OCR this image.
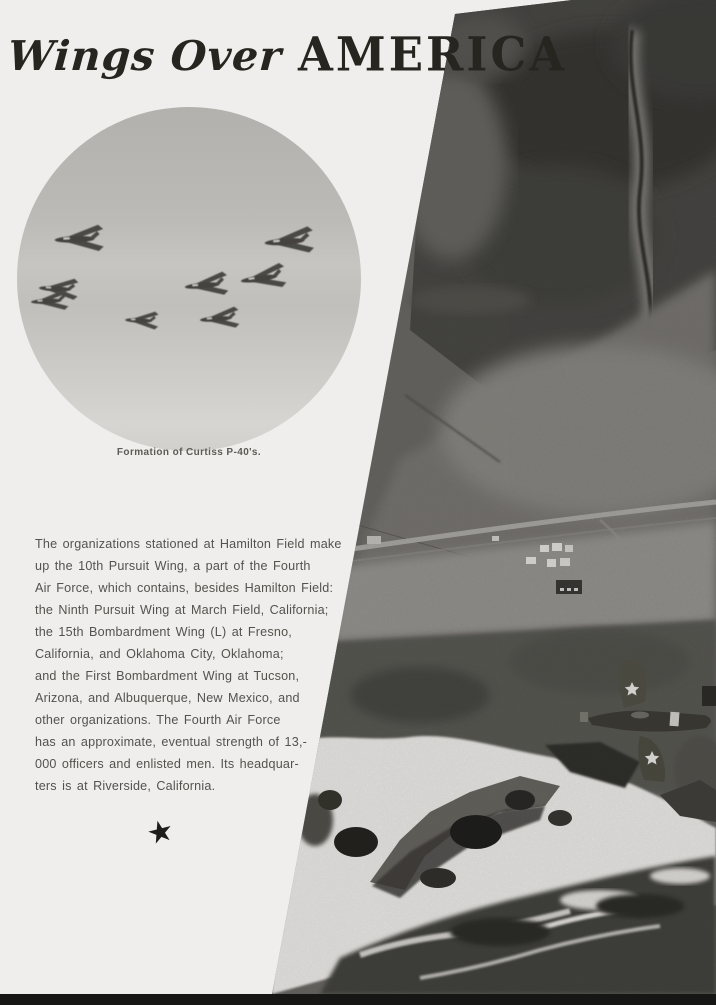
Wings Over AMERICA
Formation of Curtiss P-40's.
The organizations stationed at Hamilton Field make
up the 10th Pursuit Wing, a part of the Fourth
Air Force, which contains, besides Hamilton Field:
the Ninth Pursuit Wing at March Field, California;
the 15th Bombardment Wing (L) at Fresno,
California, and Oklahoma City, Oklahoma;
and the First Bombardment Wing at Tucson,
Arizona, and Albuquerque, New Mexico, and
other organizations. The Fourth Air Force
has an approximate, eventual strength of 13,-
000 officers and enlisted men. Its headquar-
ters is at Riverside, California.
★
